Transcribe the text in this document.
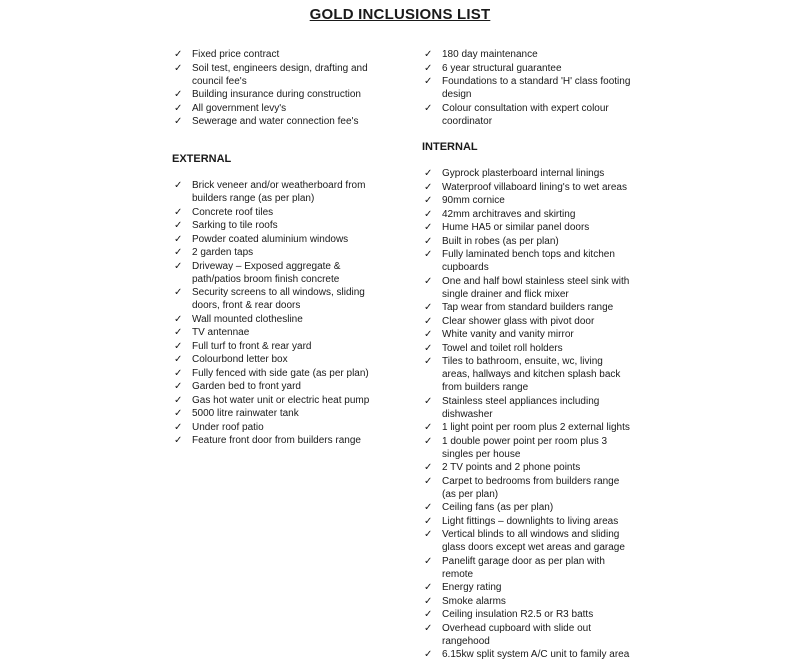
GOLD INCLUSIONS LIST
✓ Fixed price contract
✓ Soil test, engineers design, drafting and council fee's
✓ Building insurance during construction
✓ All government levy's
✓ Sewerage and water connection fee's
✓ 180 day maintenance
✓ 6 year structural guarantee
✓ Foundations to a standard 'H' class footing design
✓ Colour consultation with expert colour coordinator
EXTERNAL
✓ Brick veneer and/or weatherboard from builders range (as per plan)
✓ Concrete roof tiles
✓ Sarking to tile roofs
✓ Powder coated aluminium windows
✓ 2 garden taps
✓ Driveway – Exposed aggregate & path/patios broom finish concrete
✓ Security screens to all windows, sliding doors, front & rear doors
✓ Wall mounted clothesline
✓ TV antennae
✓ Full turf to front & rear yard
✓ Colourbond letter box
✓ Fully fenced with side gate (as per plan)
✓ Garden bed to front yard
✓ Gas hot water unit or electric heat pump
✓ 5000 litre rainwater tank
✓ Under roof patio
✓ Feature front door from builders range
INTERNAL
✓ Gyprock plasterboard internal linings
✓ Waterproof villaboard lining's to wet areas
✓ 90mm cornice
✓ 42mm architraves and skirting
✓ Hume HA5 or similar panel doors
✓ Built in robes (as per plan)
✓ Fully laminated bench tops and kitchen cupboards
✓ One and half bowl stainless steel sink with single drainer and flick mixer
✓ Tap wear from standard builders range
✓ Clear shower glass with pivot door
✓ White vanity and vanity mirror
✓ Towel and toilet roll holders
✓ Tiles to bathroom, ensuite, wc, living areas, hallways and kitchen splash back from builders range
✓ Stainless steel appliances including dishwasher
✓ 1 light point per room plus 2 external lights
✓ 1 double power point per room plus 3 singles per house
✓ 2 TV points and 2 phone points
✓ Carpet to bedrooms from builders range (as per plan)
✓ Ceiling fans (as per plan)
✓ Light fittings – downlights to living areas
✓ Vertical blinds to all windows and sliding glass doors except wet areas and garage
✓ Panelift garage door as per plan with remote
✓ Energy rating
✓ Smoke alarms
✓ Ceiling insulation R2.5 or R3 batts
✓ Overhead cupboard with slide out rangehood
✓ 6.15kw split system A/C unit to family area
